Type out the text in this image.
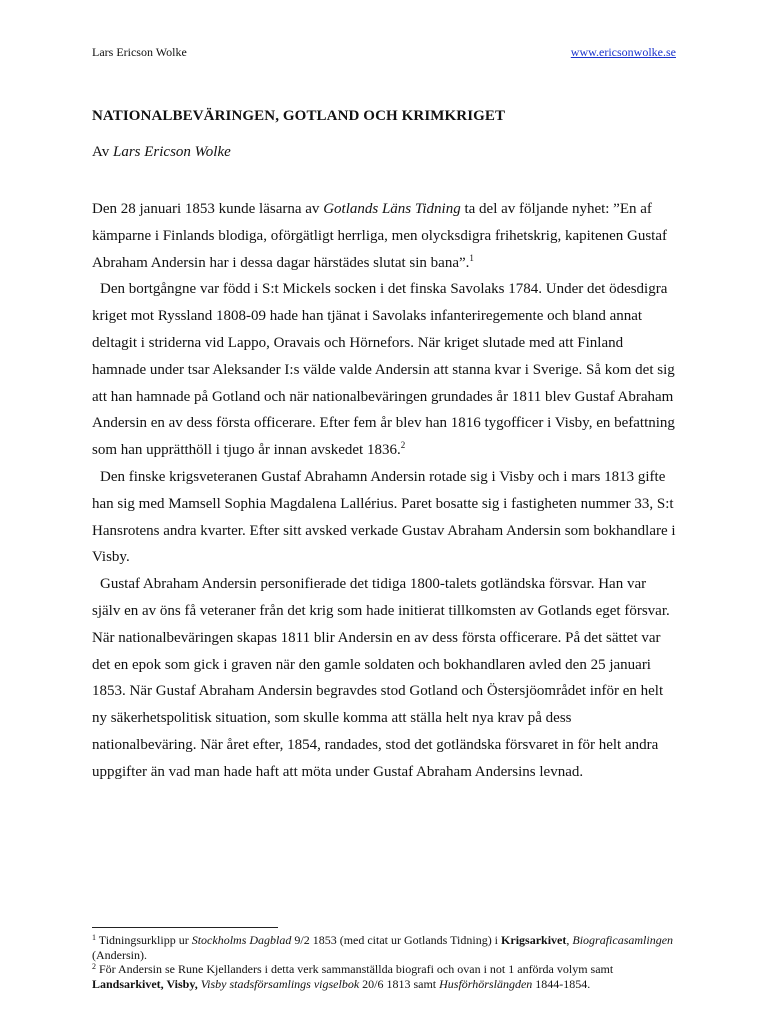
Lars Ericson Wolke	www.ericsonwolke.se
NATIONALBEVÄRINGEN, GOTLAND OCH KRIMKRIGET
Av Lars Ericson Wolke

Den 28 januari 1853 kunde läsarna av Gotlands Läns Tidning ta del av följande nyhet: ”En af kämparne i Finlands blodiga, oförgätligt herrliga, men olycksdigra frihetskrig, kapitenen Gustaf Abraham Andersin har i dessa dagar härstädes slutat sin bana”.$^1$

Den bortgångne var född i S:t Mickels socken i det finska Savolaks 1784. Under det ödesdigra kriget mot Ryssland 1808-09 hade han tjänat i Savolaks infanteriregemente och bland annat deltagit i striderna vid Lappo, Oravais och Hörnefors. När kriget slutade med att Finland hamnade under tsar Aleksander I:s välde valde Andersin att stanna kvar i Sverige. Så kom det sig att han hamnade på Gotland och när nationalbeväringen grundades år 1811 blev Gustaf Abraham Andersin en av dess första officerare. Efter fem år blev han 1816 tygofficer i Visby, en befattning som han upprätthöll i tjugo år innan avskedet 1836.$^2$

Den finske krigsveteranen Gustaf Abrahamn Andersin rotade sig i Visby och i mars 1813 gifte han sig med Mamsell Sophia Magdalena Lallérius. Paret bosatte sig i fastigheten nummer 33, S:t Hansrotens andra kvarter. Efter sitt avsked verkade Gustav Abraham Andersin som bokhandlare i Visby.

Gustaf Abraham Andersin personifierade det tidiga 1800-talets gotländska försvar. Han var själv en av öns få veteraner från det krig som hade initierat tillkomsten av Gotlands eget försvar. När nationalbeväringen skapas 1811 blir Andersin en av dess första officerare. På det sättet var det en epok som gick i graven när den gamle soldaten och bokhandlaren avled den 25 januari 1853. När Gustaf Abraham Andersin begravdes stod Gotland och Östersjöområdet inför en helt ny säkerhetspolitisk situation, som skulle komma att ställa helt nya krav på dess nationalbeväring. När året efter, 1854, randades, stod det gotländska försvaret in för helt andra uppgifter än vad man hade haft att möta under Gustaf Abraham Andersins levnad.

$^1$ Tidningsurklipp ur Stockholms Dagblad 9/2 1853 (med citat ur Gotlands Tidning) i Krigsarkivet, Biograficasamlingen (Andersin).

$^2$ För Andersin se Rune Kjellanders i detta verk sammanställda biografi och ovan i not 1 anförda volym samt Landsarkivet, Visby, Visby stadsförsamlings vigselbok 20/6 1813 samt Husförhörslängden 1844-1854.
